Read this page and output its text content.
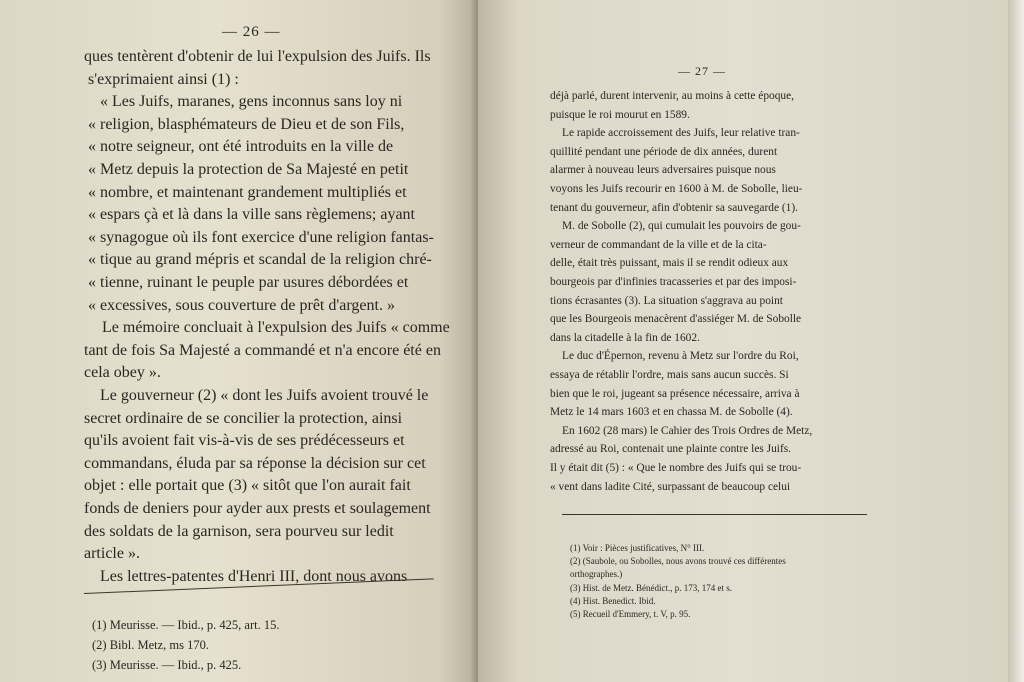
— 26 —
ques tentèrent d'obtenir de lui l'expulsion des Juifs. Ils
s'exprimaient ainsi (1) :
« Les Juifs, maranes, gens inconnus sans loy ni
« religion, blasphémateurs de Dieu et de son Fils,
« notre seigneur, ont été introduits en la ville de
« Metz depuis la protection de Sa Majesté en petit
« nombre, et maintenant grandement multipliés et
« espars çà et là dans la ville sans règlemens; ayant
« synagogue où ils font exercice d'une religion fantas-
« tique au grand mépris et scandal de la religion chré-
« tienne, ruinant le peuple par usures débordées et
« excessives, sous couverture de prêt d'argent. »
Le mémoire concluait à l'expulsion des Juifs « comme
tant de fois Sa Majesté a commandé et n'a encore été en
cela obey ».
Le gouverneur (2) « dont les Juifs avoient trouvé le
secret ordinaire de se concilier la protection, ainsi
qu'ils avoient fait vis-à-vis de ses prédécesseurs et
commandans, éluda par sa réponse la décision sur cet
objet : elle portait que (3) « sitôt que l'on aurait fait
fonds de deniers pour ayder aux prests et soulagement
des soldats de la garnison, sera pourveu sur ledit
article ».
Les lettres-patentes d'Henri III, dont nous avons
(1) Meurisse. — Ibid., p. 425, art. 15.
(2) Bibl. Metz, ms 170.
(3) Meurisse. — Ibid., p. 425.
— 27 —
déjà parlé, durent intervenir, au moins à cette époque,
puisque le roi mourut en 1589.
Le rapide accroissement des Juifs, leur relative tran-
quillité pendant une période de dix années, durent
alarmer à nouveau leurs adversaires puisque nous
voyons les Juifs recourir en 1600 à M. de Sobolle, lieu-
tenant du gouverneur, afin d'obtenir sa sauvegarde (1).
M. de Sobolle (2), qui cumulait les pouvoirs de gou-
verneur de commandant de la ville et de la cita-
delle, était très puissant, mais il se rendit odieux aux
bourgeois par d'infinies tracasseries et par des imposi-
tions écrasantes (3). La situation s'aggrava au point
que les Bourgeois menacèrent d'assiéger M. de Sobolle
dans la citadelle à la fin de 1602.
Le duc d'Épernon, revenu à Metz sur l'ordre du Roi,
essaya de rétablir l'ordre, mais sans aucun succès. Si
bien que le roi, jugeant sa présence nécessaire, arriva à
Metz le 14 mars 1603 et en chassa M. de Sobolle (4).
En 1602 (28 mars) le Cahier des Trois Ordres de Metz,
adressé au Roi, contenait une plainte contre les Juifs.
Il y était dit (5) : « Que le nombre des Juifs qui se trou-
« vent dans ladite Cité, surpassant de beaucoup celui
(1) Voir : Pièces justificatives, N° III.
(2) (Saubole, ou Sobolles, nous avons trouvé ces différentes
orthographes.)
(3) Hist. de Metz. Bénédict., p. 173, 174 et s.
(4) Hist. Benedict. Ibid.
(5) Recueil d'Emmery, t. V, p. 95.
